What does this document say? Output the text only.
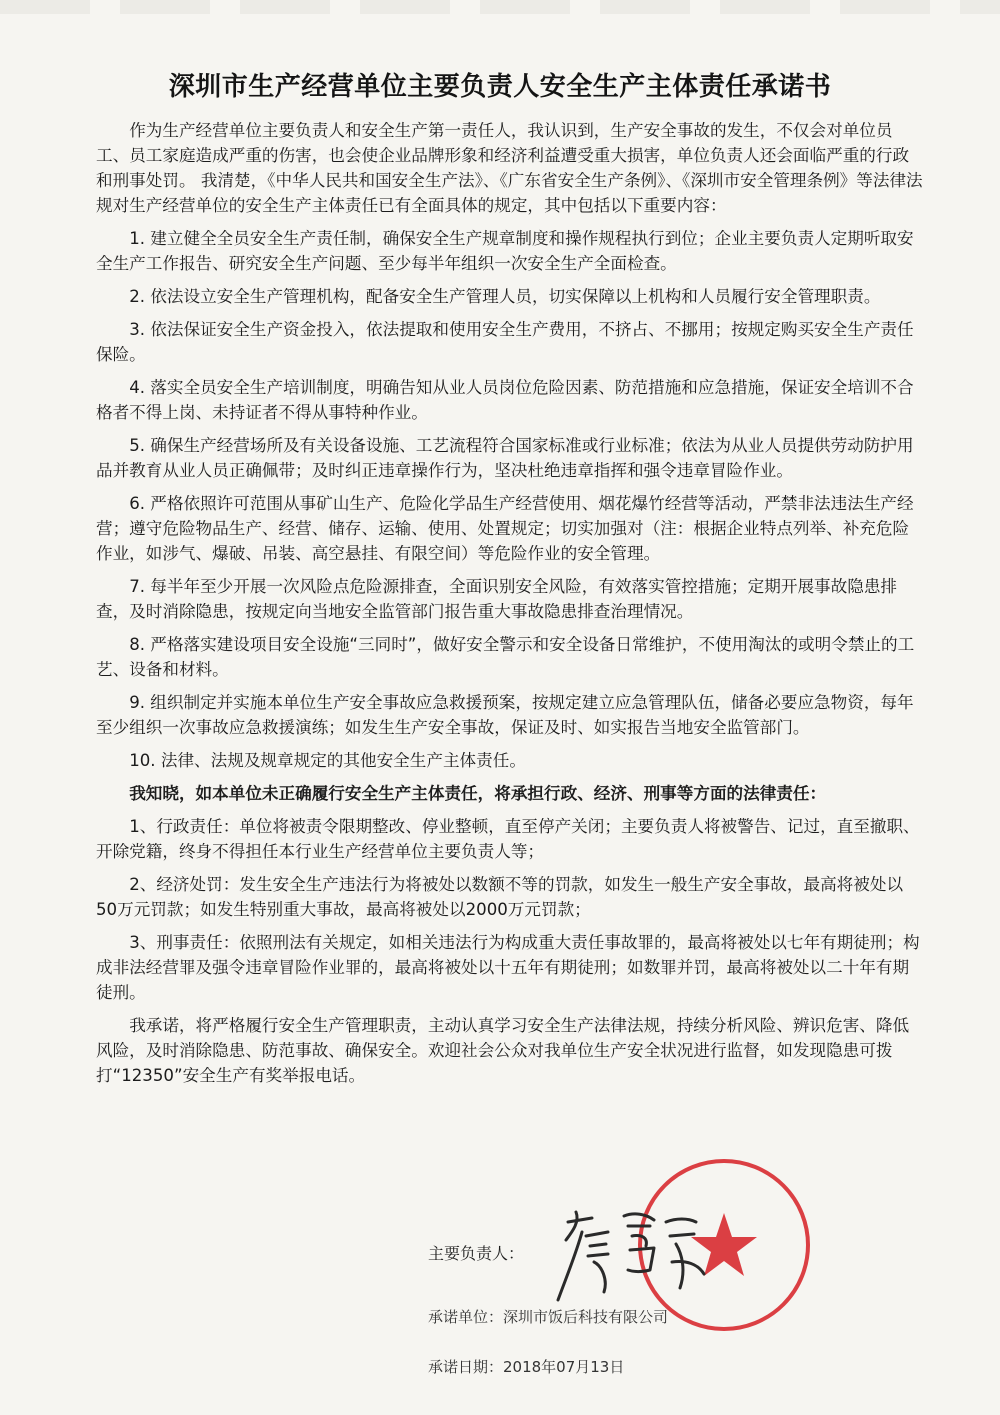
深圳市生产经营单位主要负责人安全生产主体责任承诺书

作为生产经营单位主要负责人和安全生产第一责任人，我认识到，生产安全事故的发生，不仅会对单位员工、员工家庭造成严重的伤害，也会使企业品牌形象和经济利益遭受重大损害，单位负责人还会面临严重的行政和刑事处罚。 我清楚，《中华人民共和国安全生产法》、《广东省安全生产条例》、《深圳市安全管理条例》等法律法规对生产经营单位的安全生产主体责任已有全面具体的规定，其中包括以下重要内容：

1. 建立健全全员安全生产责任制，确保安全生产规章制度和操作规程执行到位；企业主要负责人定期听取安全生产工作报告、研究安全生产问题、至少每半年组织一次安全生产全面检查。

2. 依法设立安全生产管理机构，配备安全生产管理人员，切实保障以上机构和人员履行安全管理职责。

3. 依法保证安全生产资金投入，依法提取和使用安全生产费用，不挤占、不挪用；按规定购买安全生产责任保险。

4. 落实全员安全生产培训制度，明确告知从业人员岗位危险因素、防范措施和应急措施，保证安全培训不合格者不得上岗、未持证者不得从事特种作业。

5. 确保生产经营场所及有关设备设施、工艺流程符合国家标准或行业标准；依法为从业人员提供劳动防护用品并教育从业人员正确佩带；及时纠正违章操作行为，坚决杜绝违章指挥和强令违章冒险作业。

6. 严格依照许可范围从事矿山生产、危险化学品生产经营使用、烟花爆竹经营等活动，严禁非法违法生产经营；遵守危险物品生产、经营、储存、运输、使用、处置规定；切实加强对（注：根据企业特点列举、补充危险作业，如涉气、爆破、吊装、高空悬挂、有限空间）等危险作业的安全管理。

7. 每半年至少开展一次风险点危险源排查，全面识别安全风险，有效落实管控措施；定期开展事故隐患排查，及时消除隐患，按规定向当地安全监管部门报告重大事故隐患排查治理情况。

8. 严格落实建设项目安全设施“三同时”，做好安全警示和安全设备日常维护，不使用淘汰的或明令禁止的工艺、设备和材料。

9. 组织制定并实施本单位生产安全事故应急救援预案，按规定建立应急管理队伍，储备必要应急物资，每年至少组织一次事故应急救援演练；如发生生产安全事故，保证及时、如实报告当地安全监管部门。

10. 法律、法规及规章规定的其他安全生产主体责任。

我知晓，如本单位未正确履行安全生产主体责任，将承担行政、经济、刑事等方面的法律责任：

1、行政责任：单位将被责令限期整改、停业整顿，直至停产关闭；主要负责人将被警告、记过，直至撤职、开除党籍，终身不得担任本行业生产经营单位主要负责人等；

2、经济处罚：发生安全生产违法行为将被处以数额不等的罚款，如发生一般生产安全事故，最高将被处以50万元罚款；如发生特别重大事故，最高将被处以2000万元罚款；

3、刑事责任：依照刑法有关规定，如相关违法行为构成重大责任事故罪的，最高将被处以七年有期徒刑；构成非法经营罪及强令违章冒险作业罪的，最高将被处以十五年有期徒刑；如数罪并罚，最高将被处以二十年有期徒刑。

我承诺，将严格履行安全生产管理职责，主动认真学习安全生产法律法规，持续分析风险、辨识危害、降低风险，及时消除隐患、防范事故、确保安全。欢迎社会公众对我单位生产安全状况进行监督，如发现隐患可拨打“12350”安全生产有奖举报电话。

主要负责人：
承诺单位：深圳市饭后科技有限公司
承诺日期：2018年07月13日
